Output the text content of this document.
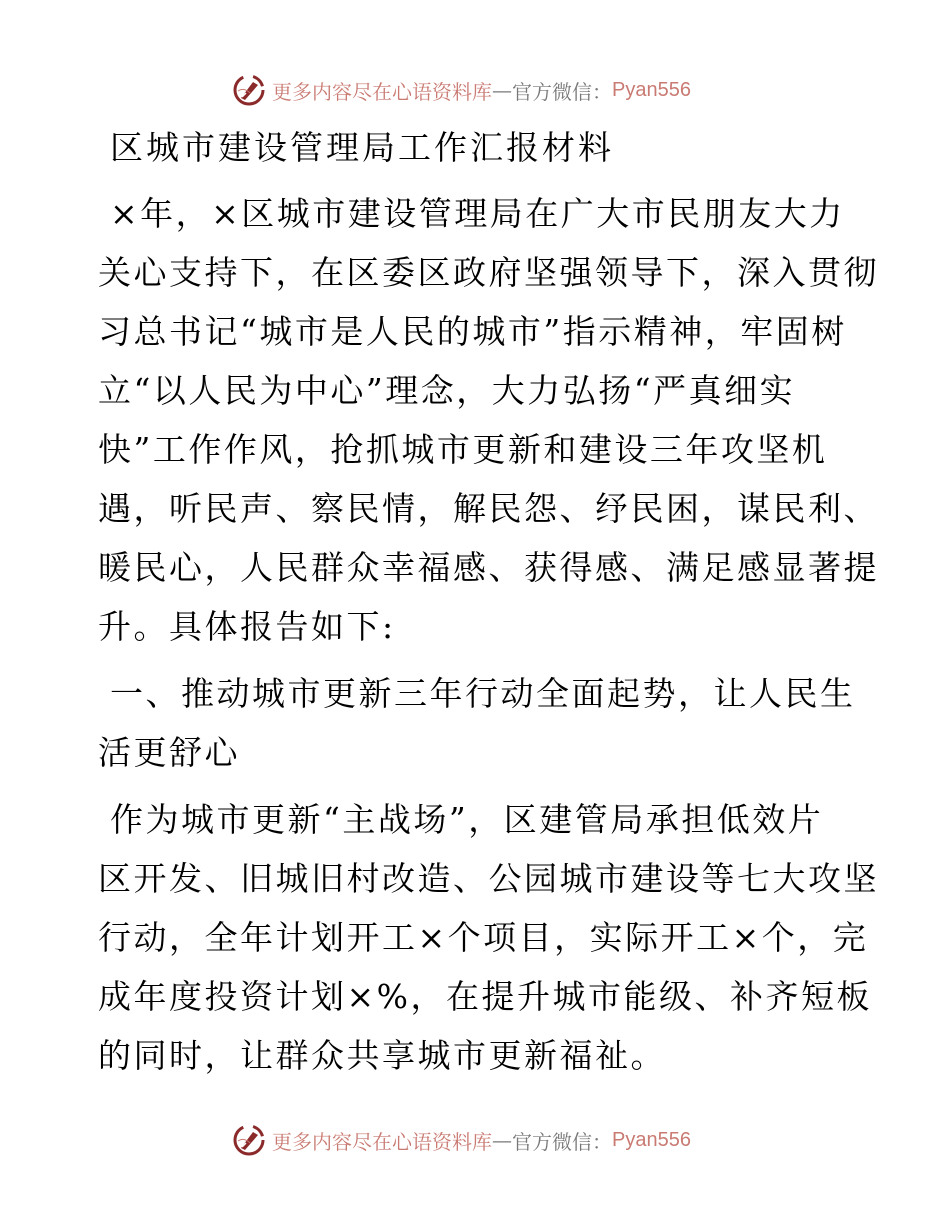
更多内容尽在心语资料库 — 官方微信： Pyan556
区城市建设管理局工作汇报材料
×年，×区城市建设管理局在广大市民朋友大力
关心支持下，在区委区政府坚强领导下，深入贯彻
习总书记“城市是人民的城市”指示精神，牢固树
立“以人民为中心”理念，大力弘扬“严真细实
快”工作作风，抢抓城市更新和建设三年攻坚机
遇，听民声、察民情，解民怨、纾民困，谋民利、
暖民心，人民群众幸福感、获得感、满足感显著提
升。具体报告如下:
一、推动城市更新三年行动全面起势，让人民生
活更舒心
作为城市更新“主战场”，区建管局承担低效片
区开发、旧城旧村改造、公园城市建设等七大攻坚
行动，全年计划开工×个项目，实际开工×个，完
成年度投资计划×%，在提升城市能级、补齐短板
的同时，让群众共享城市更新福祉。
更多内容尽在心语资料库 — 官方微信： Pyan556
